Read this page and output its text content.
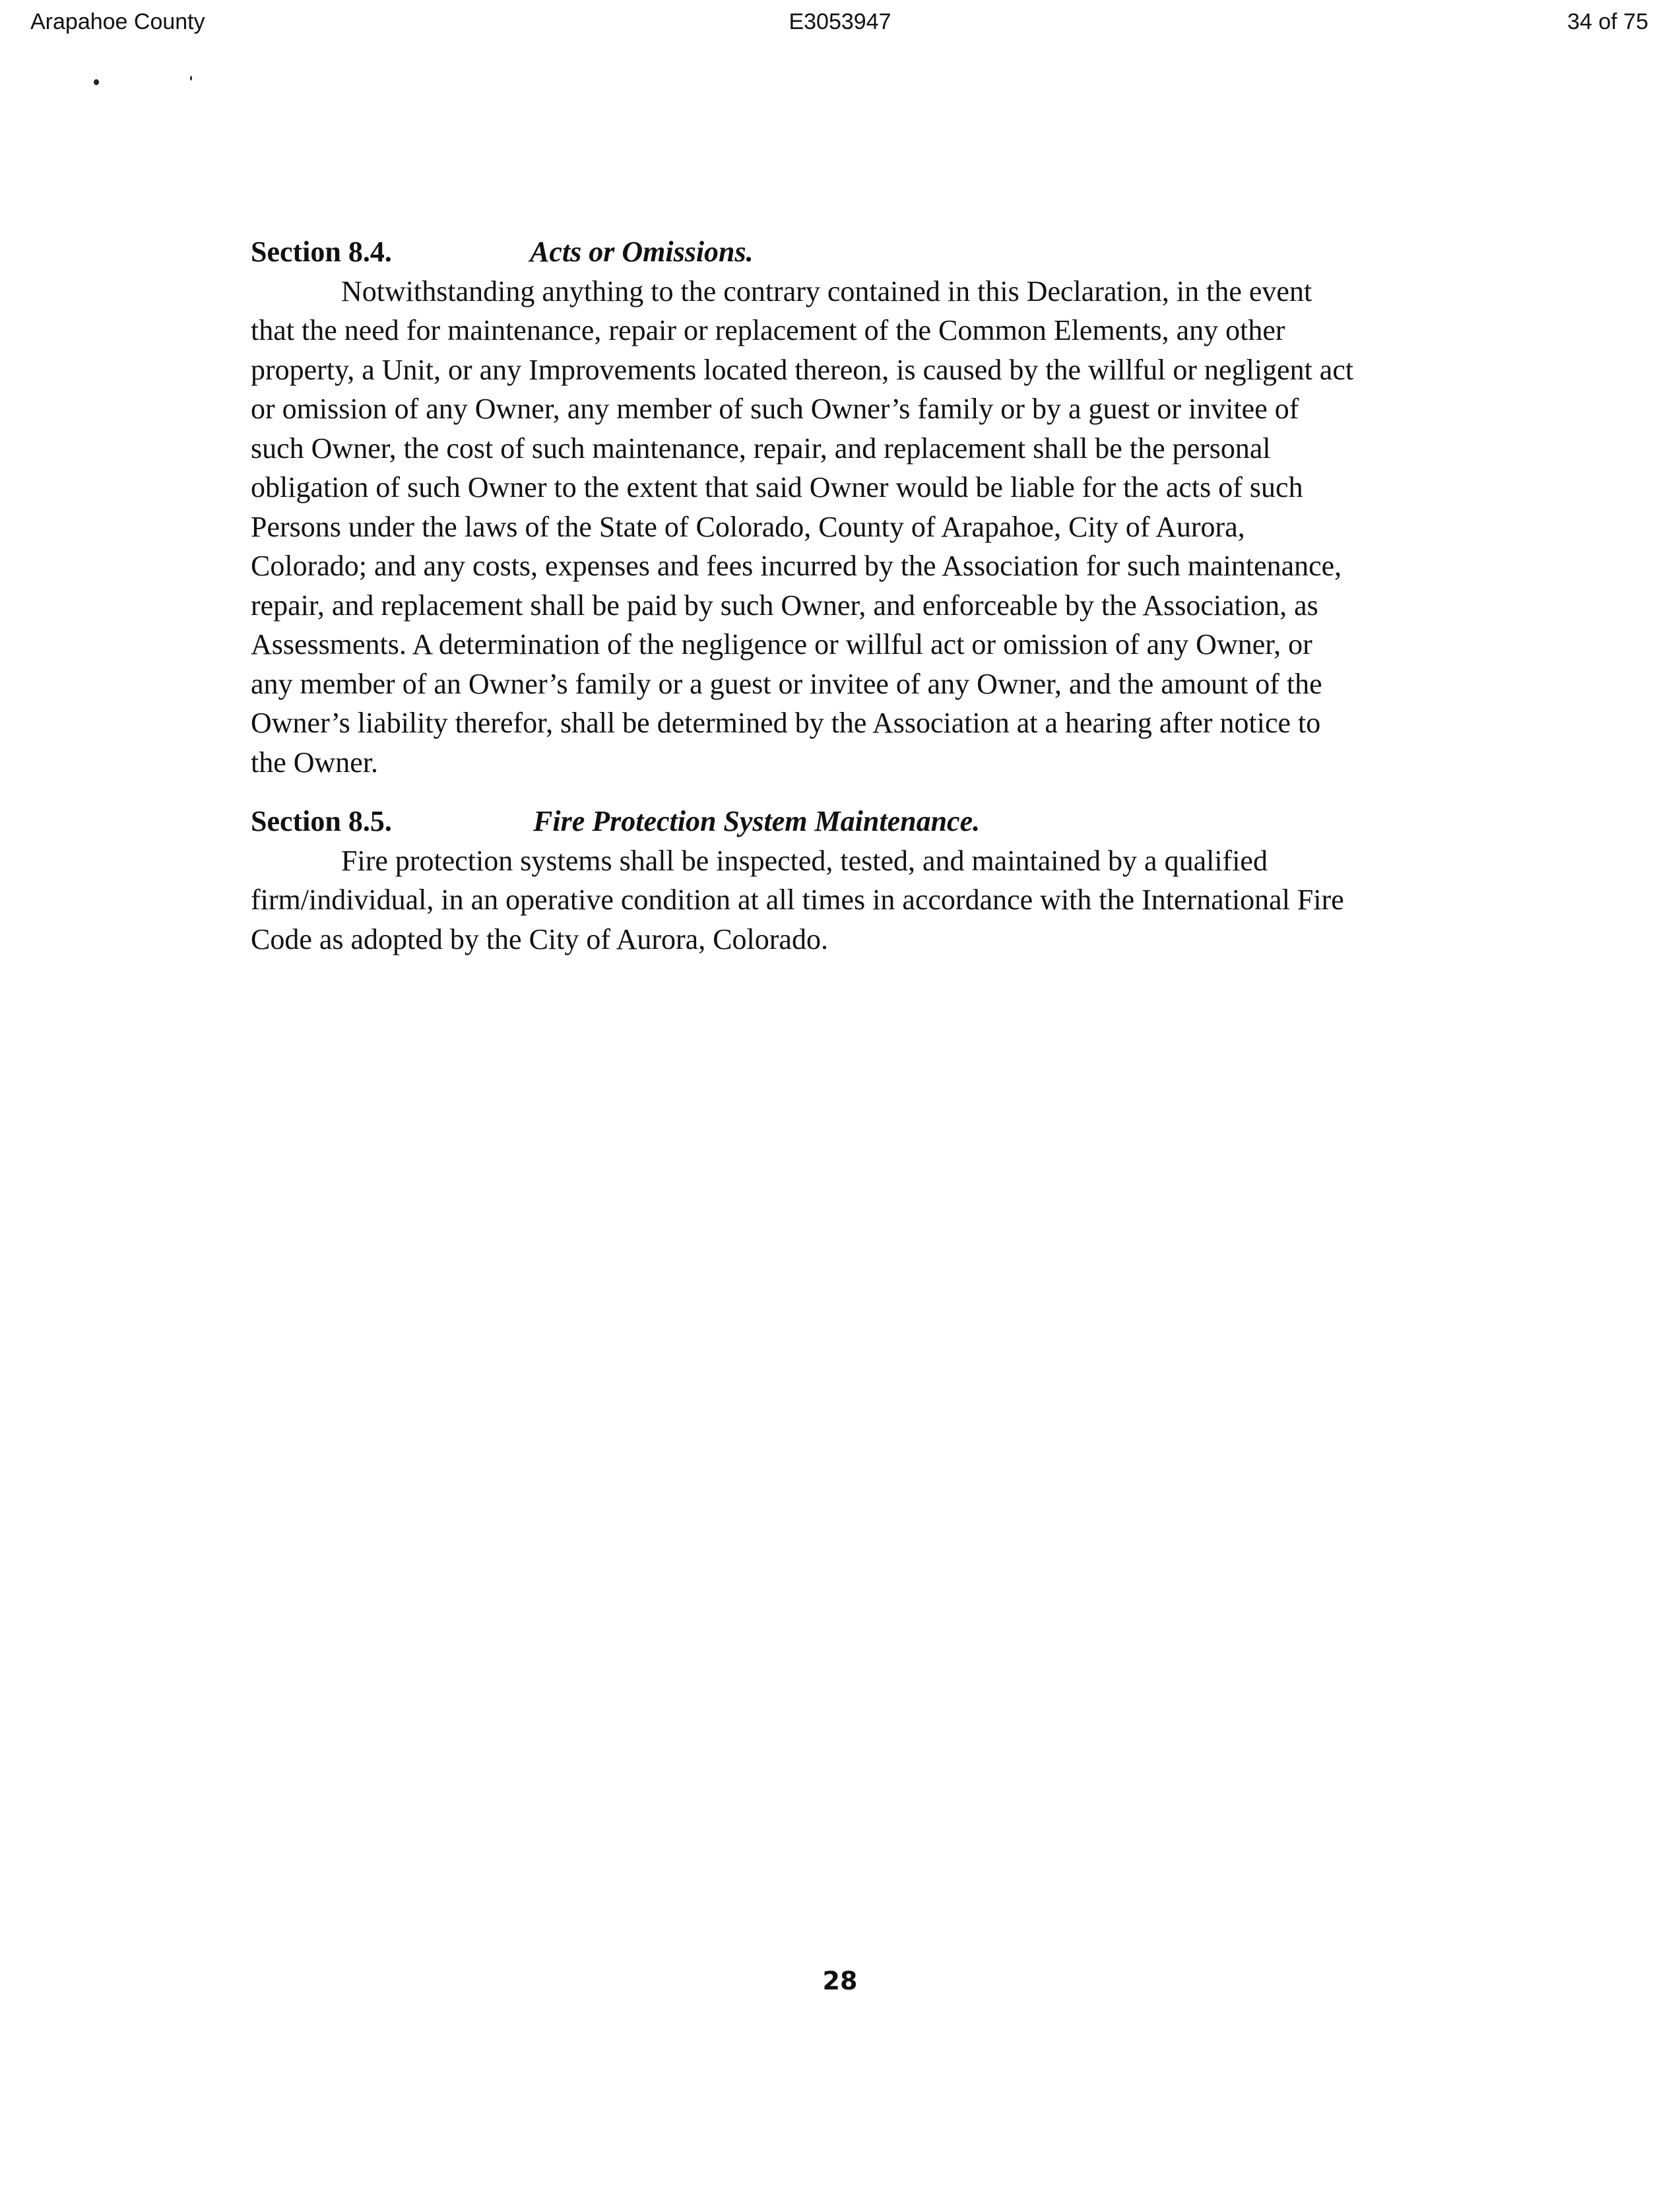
Arapahoe County	E3053947	34 of 75
Section 8.4.	Acts or Omissions.
Notwithstanding anything to the contrary contained in this Declaration, in the event
that the need for maintenance, repair or replacement of the Common Elements, any other
property, a Unit, or any Improvements located thereon, is caused by the willful or negligent act
or omission of any Owner, any member of such Owner’s family or by a guest or invitee of
such Owner, the cost of such maintenance, repair, and replacement shall be the personal
obligation of such Owner to the extent that said Owner would be liable for the acts of such
Persons under the laws of the State of Colorado, County of Arapahoe, City of Aurora,
Colorado; and any costs, expenses and fees incurred by the Association for such maintenance,
repair, and replacement shall be paid by such Owner, and enforceable by the Association, as
Assessments. A determination of the negligence or willful act or omission of any Owner, or
any member of an Owner’s family or a guest or invitee of any Owner, and the amount of the
Owner’s liability therefor, shall be determined by the Association at a hearing after notice to
the Owner.
Section 8.5.	Fire Protection System Maintenance.
Fire protection systems shall be inspected, tested, and maintained by a qualified
firm/individual, in an operative condition at all times in accordance with the International Fire
Code as adopted by the City of Aurora, Colorado.
28
